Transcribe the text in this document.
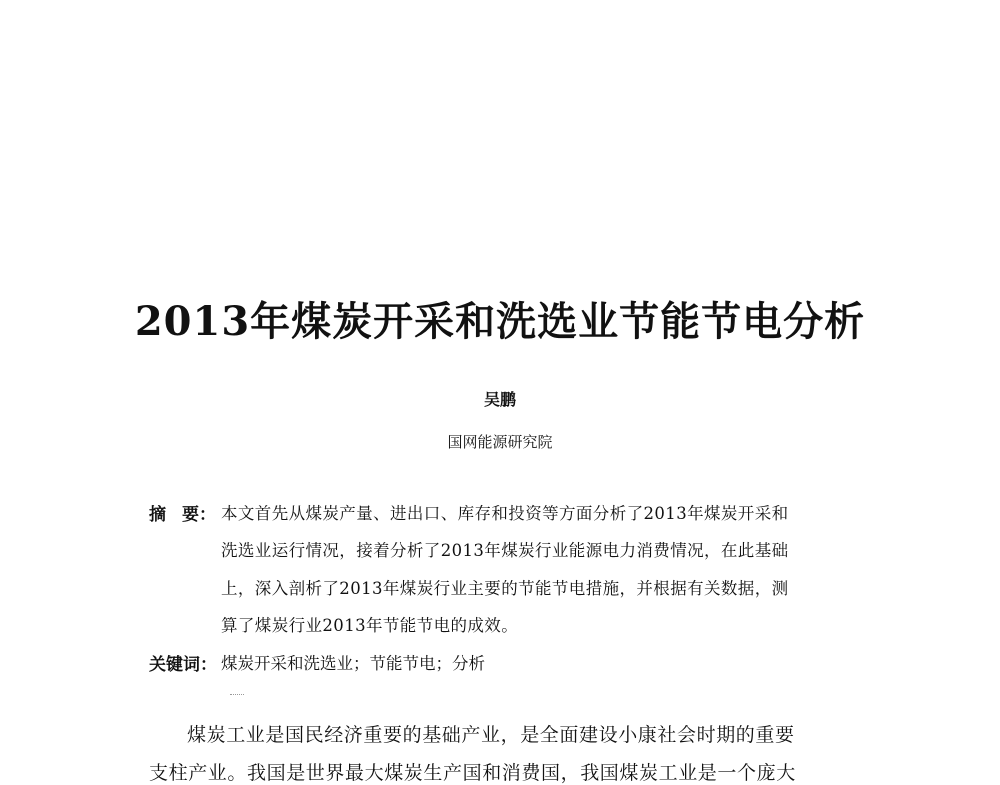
2013年煤炭开采和洗选业节能节电分析
吴鹏
国网能源研究院
摘 要： 本文首先从煤炭产量、进出口、库存和投资等方面分析了2013年煤炭开采和
洗选业运行情况，接着分析了2013年煤炭行业能源电力消费情况，在此基础
上，深入剖析了2013年煤炭行业主要的节能节电措施，并根据有关数据，测
算了煤炭行业2013年节能节电的成效。
关键词： 煤炭开采和洗选业；节能节电；分析
煤炭工业是国民经济重要的基础产业，是全面建设小康社会时期的重要
支柱产业。我国是世界最大煤炭生产国和消费国，我国煤炭工业是一个庞大
